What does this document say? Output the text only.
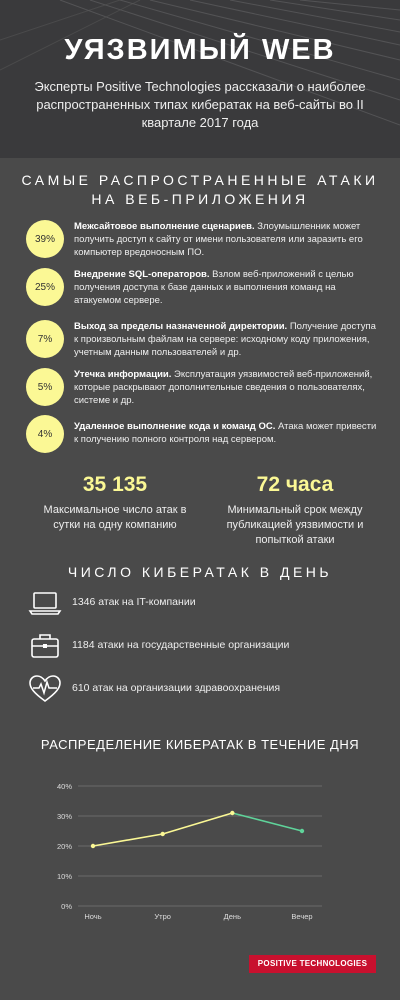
УЯЗВИМЫЙ WEB
Эксперты Positive Technologies рассказали о наиболее распространенных типах кибератак на веб-сайты во II квартале 2017 года
САМЫЕ РАСПРОСТРАНЕННЫЕ АТАКИ
НА ВЕБ-ПРИЛОЖЕНИЯ
39%
Межсайтовое выполнение сценариев. Злоумышленник может получить доступ к сайту от имени пользователя или заразить его компьютер вредоносным ПО.
25%
Внедрение SQL-операторов. Взлом веб-приложений с целью получения доступа к базе данных и выполнения команд на атакуемом сервере.
7%
Выход за пределы назначенной директории. Получение доступа к произвольным файлам на сервере: исходному коду приложения, учетным данным пользователей и др.
5%
Утечка информации. Эксплуатация уязвимостей веб-приложений, которые раскрывают дополнительные сведения о пользователях, системе и др.
4%
Удаленное выполнение кода и команд ОС. Атака может привести к получению полного контроля над сервером.
35 135
Максимальное число атак в сутки на одну компанию
72 часа
Минимальный срок между публикацией уязвимости и попыткой атаки
ЧИСЛО КИБЕРАТАК В ДЕНЬ
1346 атак на IT-компании
1184 атаки на государственные организации
610 атак на организации здравоохранения
РАСПРЕДЕЛЕНИЕ КИБЕРАТАК В ТЕЧЕНИЕ ДНЯ
0%
10%
20%
30%
40%
Ночь	Утро	День	Вечер
POSITIVE TECHNOLOGIES
